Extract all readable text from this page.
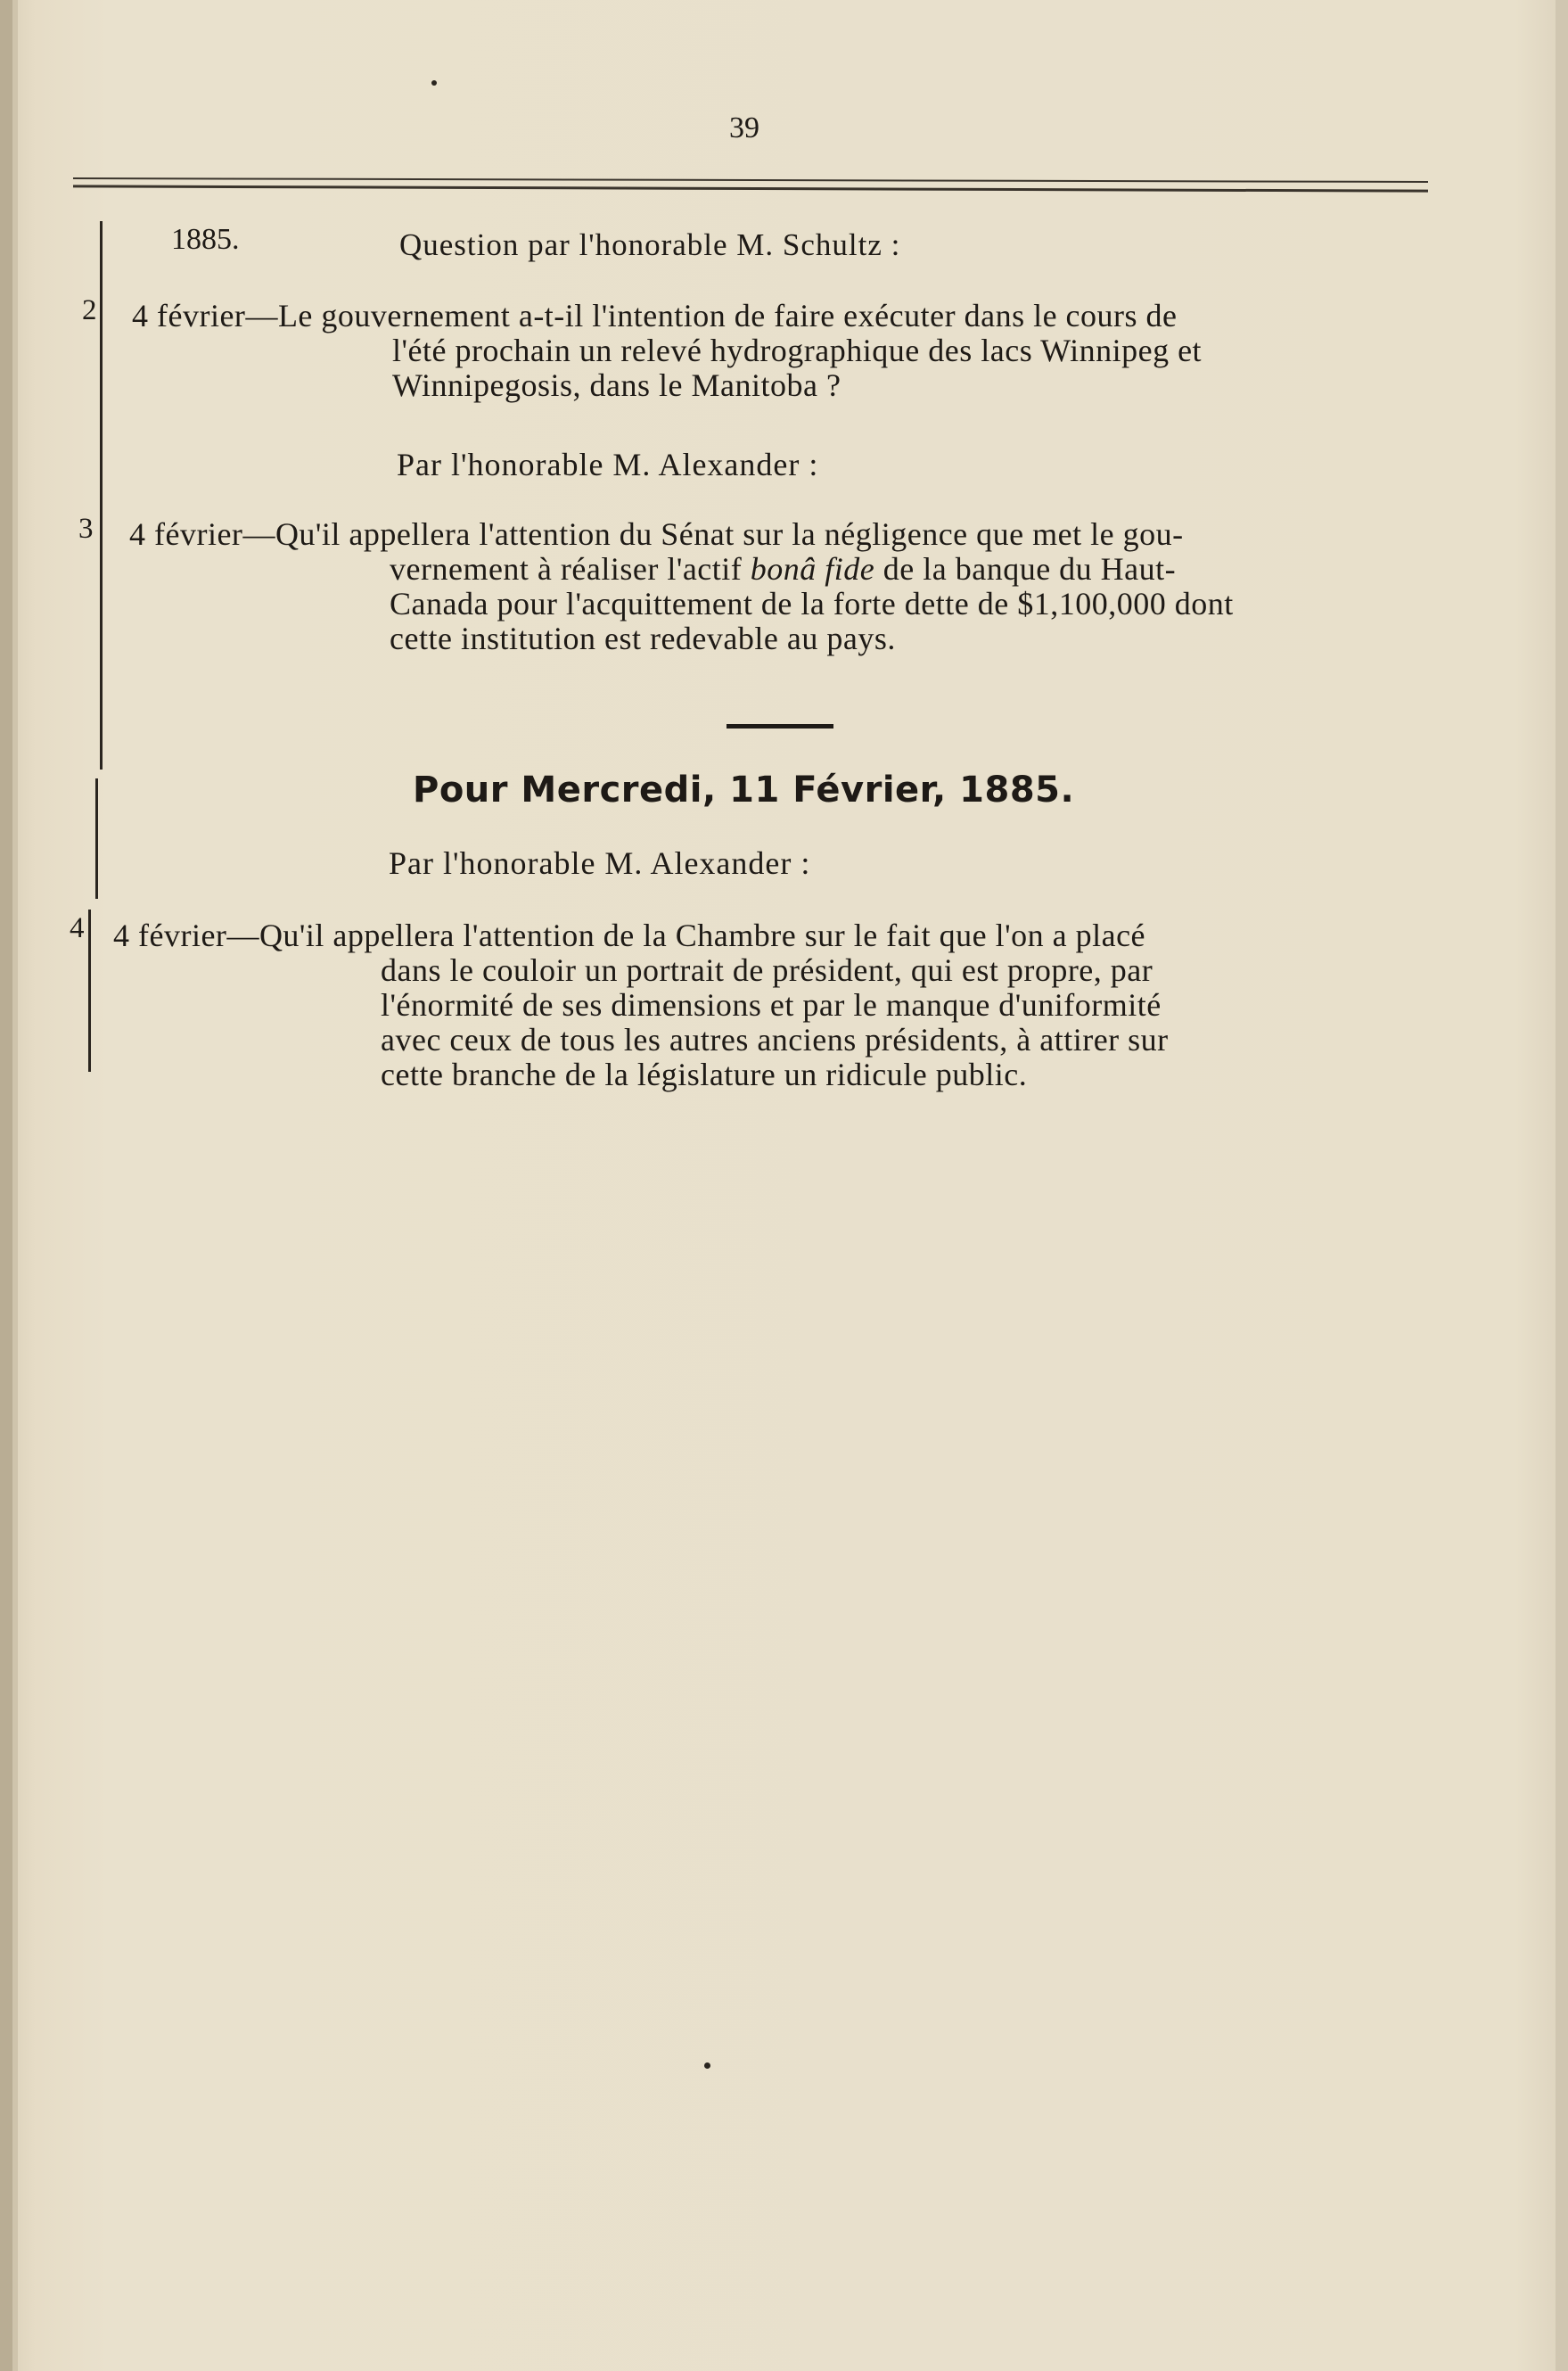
39
1885.	Question par l'honorable M. Schultz :
2 4 février—Le gouvernement a-t-il l'intention de faire exécuter dans le cours de
l'été prochain un relevé hydrographique des lacs Winnipeg et
Winnipegosis, dans le Manitoba ?
Par l'honorable M. Alexander :
3 4 février—Qu'il appellera l'attention du Sénat sur la négligence que met le gou-
vernement à réaliser l'actif bonâ fide de la banque du Haut-
Canada pour l'acquittement de la forte dette de $1,100,000 dont
cette institution est redevable au pays.
Pour Mercredi, 11 Février, 1885.
Par l'honorable M. Alexander :
4 4 février—Qu'il appellera l'attention de la Chambre sur le fait que l'on a placé
dans le couloir un portrait de président, qui est propre, par
l'énormité de ses dimensions et par le manque d'uniformité
avec ceux de tous les autres anciens présidents, à attirer sur
cette branche de la législature un ridicule public.
